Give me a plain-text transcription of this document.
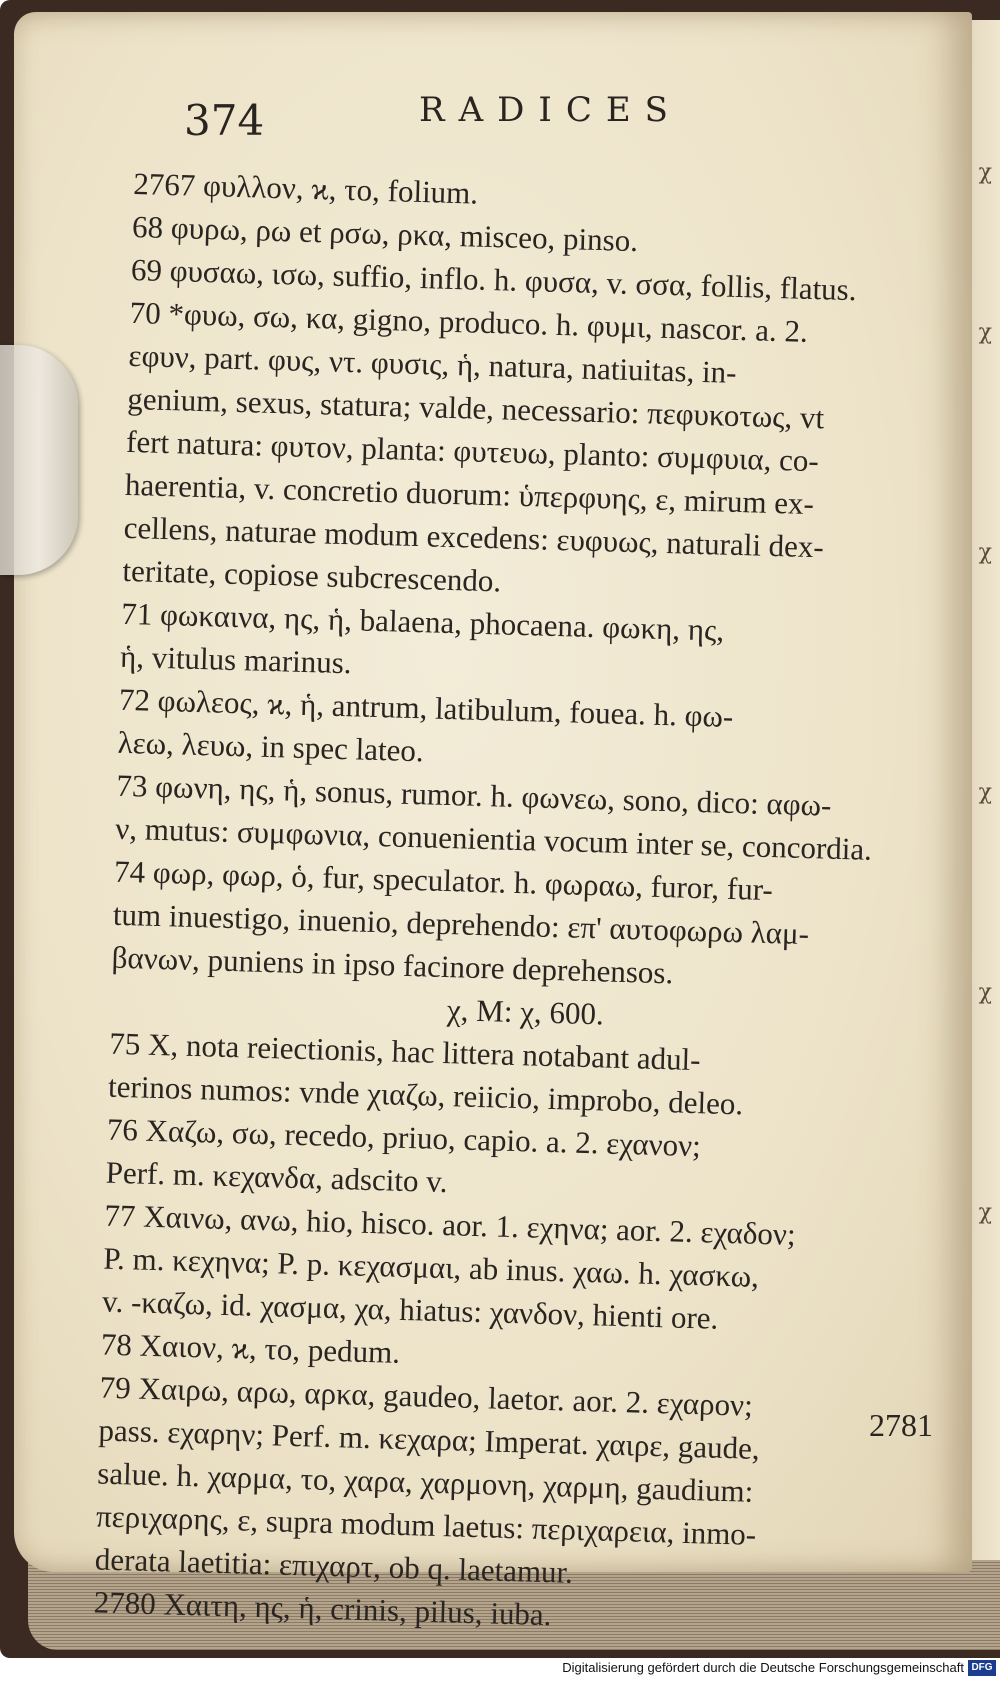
χ
χ
χ
χ
χ
χ
374	RADICES
2767 φυλλον, ϰ, το, folium.
68 φυρω, ρω et ρσω, ρκα, misceo, pinso.
69 φυσαω, ισω, suffio, inflo. h. φυσα, v. σσα, follis, flatus.
70 *φυω, σω, κα, gigno, produco. h. φυμι, nascor. a. 2.
εφυν, part. φυς, ντ. φυσις, ἡ, natura, natiuitas, in-
genium, sexus, statura; valde, necessario: πεφυκοτως, vt
fert natura: φυτον, planta: φυτευω, planto: συμφυια, co-
haerentia, v. concretio duorum: ὑπερφυης, ε, mirum ex-
cellens, naturae modum excedens: ευφυως, naturali dex-
teritate, copiose subcrescendo.
71 φωκαινα, ης, ἡ, balaena, phocaena. φωκη, ης,
ἡ, vitulus marinus.
72 φωλεος, ϰ, ἡ, antrum, latibulum, fouea. h. φω-
λεω, λευω, in spec lateo.
73 φωνη, ης, ἡ, sonus, rumor. h. φωνεω, sono, dico: αφω-
ν, mutus: συμφωνια, conuenientia vocum inter se, concordia.
74 φωρ, φωρ, ὁ, fur, speculator. h. φωραω, furor, fur-
tum inuestigo, inuenio, deprehendo: επ' αυτοφωρω λαμ-
βανων, puniens in ipso facinore deprehensos.
χ, Μ: χ, 600.
75 Χ, nota reiectionis, hac littera notabant adul-
terinos numos: vnde χιαζω, reiicio, improbo, deleo.
76 Χαζω, σω, recedo, priuo, capio. a. 2. εχανον;
Perf. m. κεχανδα, adscito v.
77 Χαινω, ανω, hio, hisco. aor. 1. εχηνα; aor. 2. εχαδον;
P. m. κεχηνα; P. p. κεχασμαι, ab inus. χαω. h. χασκω,
v. -καζω, id. χασμα, χα, hiatus: χανδον, hienti ore.
78 Χαιον, ϰ, το, pedum.
79 Χαιρω, αρω, αρκα, gaudeo, laetor. aor. 2. εχαρον;
pass. εχαρην; Perf. m. κεχαρα; Imperat. χαιρε, gaude,
salue. h. χαρμα, το, χαρα, χαρμονη, χαρμη, gaudium:
περιχαρης, ε, supra modum laetus: περιχαρεια, inmo-
derata laetitia: επιχαρτ, ob q. laetamur.
2780 Χαιτη, ης, ἡ, crinis, pilus, iuba.
2781
Digitalisierung gefördert durch die Deutsche Forschungsgemeinschaft DFG
